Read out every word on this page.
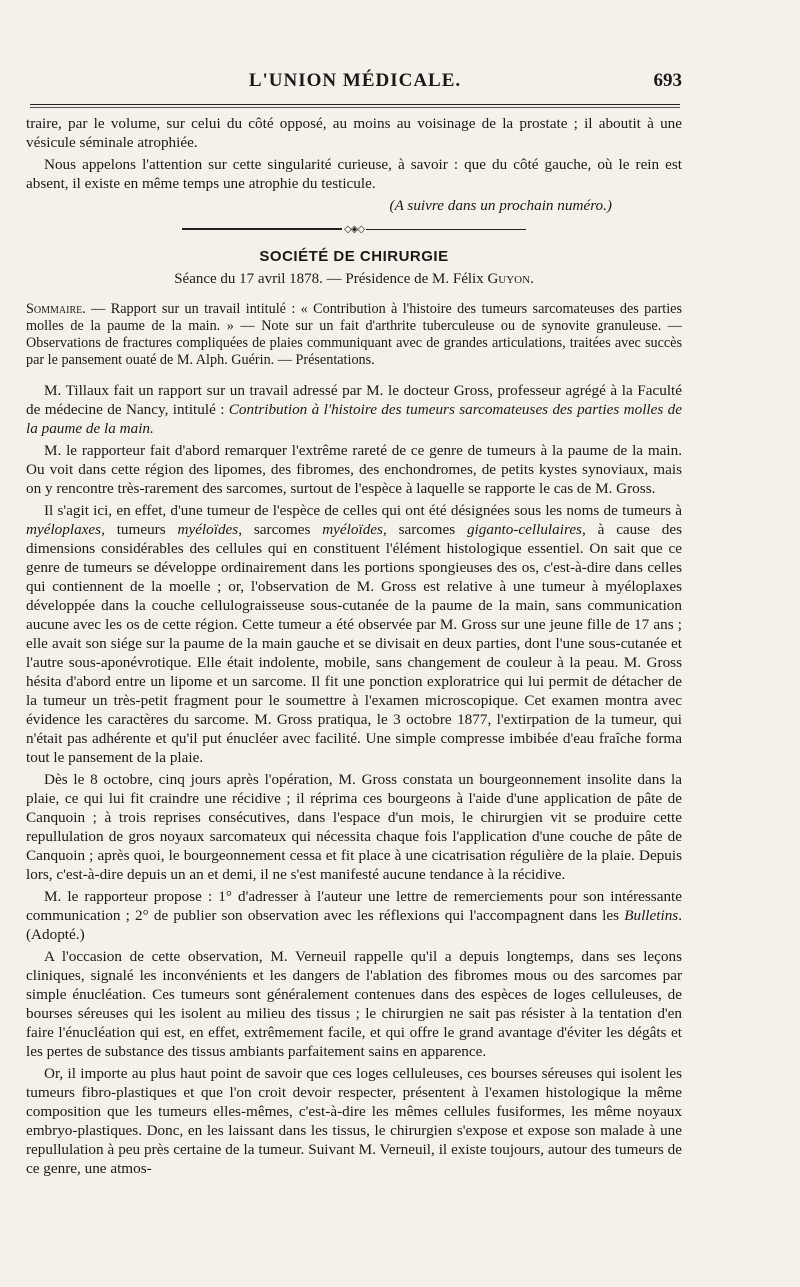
L'UNION MÉDICALE.	693

traire, par le volume, sur celui du côté opposé, au moins au voisinage de la prostate ; il aboutit à une vésicule séminale atrophiée.

Nous appelons l'attention sur cette singularité curieuse, à savoir : que du côté gauche, où le rein est absent, il existe en même temps une atrophie du testicule.

(A suivre dans un prochain numéro.)
◇◈◇
SOCIÉTÉ DE CHIRURGIE
Séance du 17 avril 1878. — Présidence de M. Félix Guyon.
Sommaire. — Rapport sur un travail intitulé : « Contribution à l'histoire des tumeurs sarcomateuses des parties molles de la paume de la main. » — Note sur un fait d'arthrite tuberculeuse ou de synovite granuleuse. — Observations de fractures compliquées de plaies communiquant avec de grandes articulations, traitées avec succès par le pansement ouaté de M. Alph. Guérin. — Présentations.

M. Tillaux fait un rapport sur un travail adressé par M. le docteur Gross, professeur agrégé à la Faculté de médecine de Nancy, intitulé : Contribution à l'histoire des tumeurs sarcomateuses des parties molles de la paume de la main.

M. le rapporteur fait d'abord remarquer l'extrême rareté de ce genre de tumeurs à la paume de la main. Ou voit dans cette région des lipomes, des fibromes, des enchondromes, de petits kystes synoviaux, mais on y rencontre très-rarement des sarcomes, surtout de l'espèce à laquelle se rapporte le cas de M. Gross.

Il s'agit ici, en effet, d'une tumeur de l'espèce de celles qui ont été désignées sous les noms de tumeurs à myéloplaxes, tumeurs myéloïdes, sarcomes myéloïdes, sarcomes giganto-cellulaires, à cause des dimensions considérables des cellules qui en constituent l'élément histologique essentiel. On sait que ce genre de tumeurs se développe ordinairement dans les portions spongieuses des os, c'est-à-dire dans celles qui contiennent de la moelle ; or, l'observation de M. Gross est relative à une tumeur à myéloplaxes développée dans la couche cellulograisseuse sous-cutanée de la paume de la main, sans communication aucune avec les os de cette région. Cette tumeur a été observée par M. Gross sur une jeune fille de 17 ans ; elle avait son siége sur la paume de la main gauche et se divisait en deux parties, dont l'une sous-cutanée et l'autre sous-aponévrotique. Elle était indolente, mobile, sans changement de couleur à la peau. M. Gross hésita d'abord entre un lipome et un sarcome. Il fit une ponction exploratrice qui lui permit de détacher de la tumeur un très-petit fragment pour le soumettre à l'examen microscopique. Cet examen montra avec évidence les caractères du sarcome. M. Gross pratiqua, le 3 octobre 1877, l'extirpation de la tumeur, qui n'était pas adhérente et qu'il put énucléer avec facilité. Une simple compresse imbibée d'eau fraîche forma tout le pansement de la plaie.

Dès le 8 octobre, cinq jours après l'opération, M. Gross constata un bourgeonnement insolite dans la plaie, ce qui lui fit craindre une récidive ; il réprima ces bourgeons à l'aide d'une application de pâte de Canquoin ; à trois reprises consécutives, dans l'espace d'un mois, le chirurgien vit se produire cette repullulation de gros noyaux sarcomateux qui nécessita chaque fois l'application d'une couche de pâte de Canquoin ; après quoi, le bourgeonnement cessa et fit place à une cicatrisation régulière de la plaie. Depuis lors, c'est-à-dire depuis un an et demi, il ne s'est manifesté aucune tendance à la récidive.

M. le rapporteur propose : 1° d'adresser à l'auteur une lettre de remerciements pour son intéressante communication ; 2° de publier son observation avec les réflexions qui l'accompagnent dans les Bulletins. (Adopté.)

A l'occasion de cette observation, M. Verneuil rappelle qu'il a depuis longtemps, dans ses leçons cliniques, signalé les inconvénients et les dangers de l'ablation des fibromes mous ou des sarcomes par simple énucléation. Ces tumeurs sont généralement contenues dans des espèces de loges celluleuses, de bourses séreuses qui les isolent au milieu des tissus ; le chirurgien ne sait pas résister à la tentation d'en faire l'énucléation qui est, en effet, extrêmement facile, et qui offre le grand avantage d'éviter les dégâts et les pertes de substance des tissus ambiants parfaitement sains en apparence.

Or, il importe au plus haut point de savoir que ces loges celluleuses, ces bourses séreuses qui isolent les tumeurs fibro-plastiques et que l'on croit devoir respecter, présentent à l'examen histologique la même composition que les tumeurs elles-mêmes, c'est-à-dire les mêmes cellules fusiformes, les même noyaux embryo-plastiques. Donc, en les laissant dans les tissus, le chirurgien s'expose et expose son malade à une repullulation à peu près certaine de la tumeur. Suivant M. Verneuil, il existe toujours, autour des tumeurs de ce genre, une atmos-
